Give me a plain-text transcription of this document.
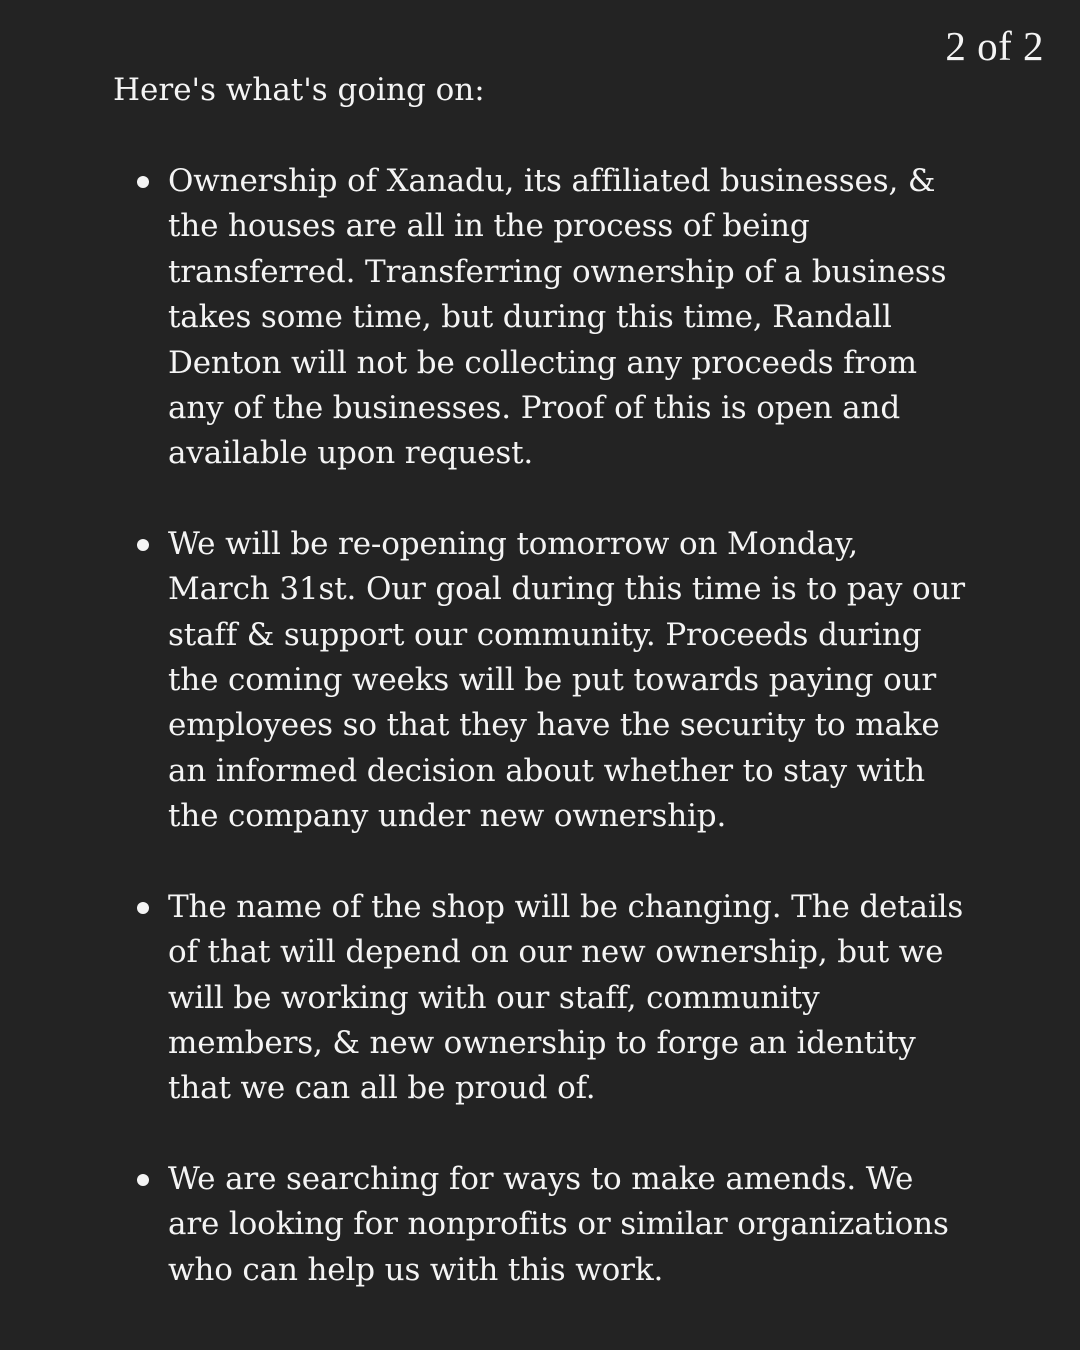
2 of 2

Here's what's going on:

Ownership of Xanadu, its affiliated businesses, & the houses are all in the process of being transferred. Transferring ownership of a business takes some time, but during this time, Randall Denton will not be collecting any proceeds from any of the businesses. Proof of this is open and available upon request.
We will be re-opening tomorrow on Monday, March 31st. Our goal during this time is to pay our staff & support our community. Proceeds during the coming weeks will be put towards paying our employees so that they have the security to make an informed decision about whether to stay with the company under new ownership.
The name of the shop will be changing. The details of that will depend on our new ownership, but we will be working with our staff, community members, & new ownership to forge an identity that we can all be proud of.
We are searching for ways to make amends. We are looking for nonprofits or similar organizations who can help us with this work.
